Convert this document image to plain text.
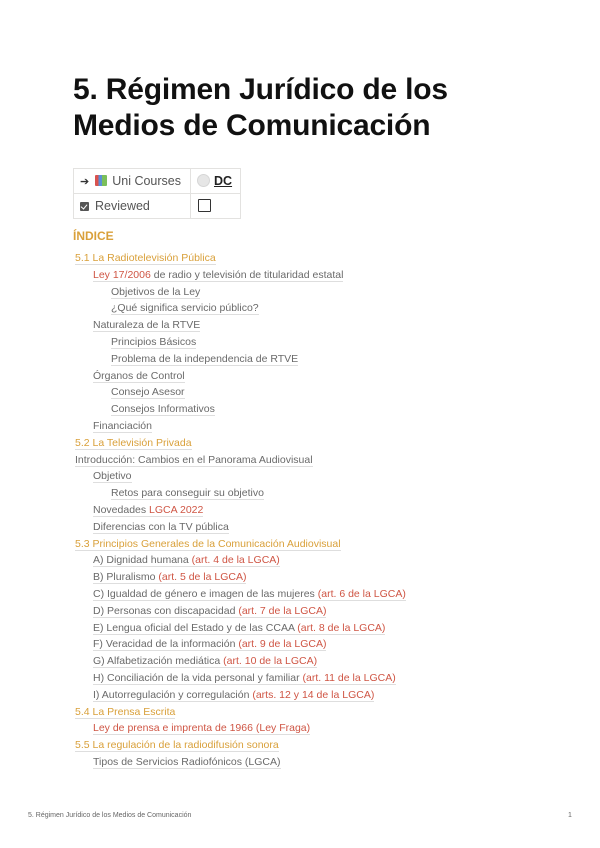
5. Régimen Jurídico de los Medios de Comunicación
➔ Uni Courses	DC
Reviewed	
ÍNDICE
5.1 La Radiotelevisión Pública
Ley 17/2006 de radio y televisión de titularidad estatal
Objetivos de la Ley
¿Qué significa servicio público?
Naturaleza de la RTVE
Principios Básicos
Problema de la independencia de RTVE
Órganos de Control
Consejo Asesor
Consejos Informativos
Financiación
5.2 La Televisión Privada
Introducción: Cambios en el Panorama Audiovisual
Objetivo
Retos para conseguir su objetivo
Novedades LGCA 2022
Diferencias con la TV pública
5.3 Principios Generales de la Comunicación Audiovisual
A) Dignidad humana (art. 4 de la LGCA)
B) Pluralismo (art. 5 de la LGCA)
C) Igualdad de género e imagen de las mujeres (art. 6 de la LGCA)
D) Personas con discapacidad (art. 7 de la LGCA)
E) Lengua oficial del Estado y de las CCAA (art. 8 de la LGCA)
F) Veracidad de la información (art. 9 de la LGCA)
G) Alfabetización mediática (art. 10 de la LGCA)
H) Conciliación de la vida personal y familiar (art. 11 de la LGCA)
I) Autorregulación y corregulación (arts. 12 y 14 de la LGCA)
5.4 La Prensa Escrita
Ley de prensa e imprenta de 1966 (Ley Fraga)
5.5 La regulación de la radiodifusión sonora
Tipos de Servicios Radiofónicos (LGCA)
5. Régimen Jurídico de los Medios de Comunicación	1
